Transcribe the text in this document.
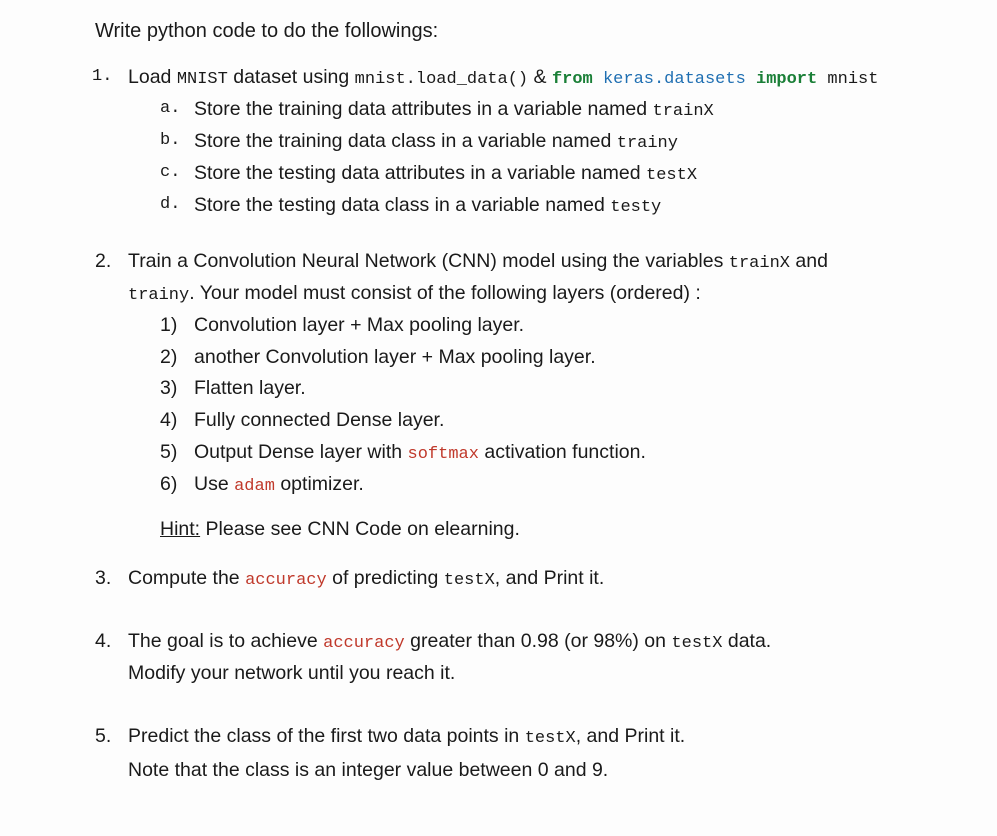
Write python code to do the followings:
1. Load MNIST dataset using mnist.load_data() & from keras.datasets import mnist
a. Store the training data attributes in a variable named trainX
b. Store the training data class in a variable named trainy
c. Store the testing data attributes in a variable named testX
d. Store the testing data class in a variable named testy
2. Train a Convolution Neural Network (CNN) model using the variables trainX and
trainy. Your model must consist of the following layers (ordered) :
1) Convolution layer + Max pooling layer.
2) another Convolution layer + Max pooling layer.
3) Flatten layer.
4) Fully connected Dense layer.
5) Output Dense layer with softmax activation function.
6) Use adam optimizer.
Hint: Please see CNN Code on elearning.
3. Compute the accuracy of predicting testX, and Print it.
4. The goal is to achieve accuracy greater than 0.98 (or 98%) on testX data.
Modify your network until you reach it.
5. Predict the class of the first two data points in testX, and Print it.
Note that the class is an integer value between 0 and 9.
